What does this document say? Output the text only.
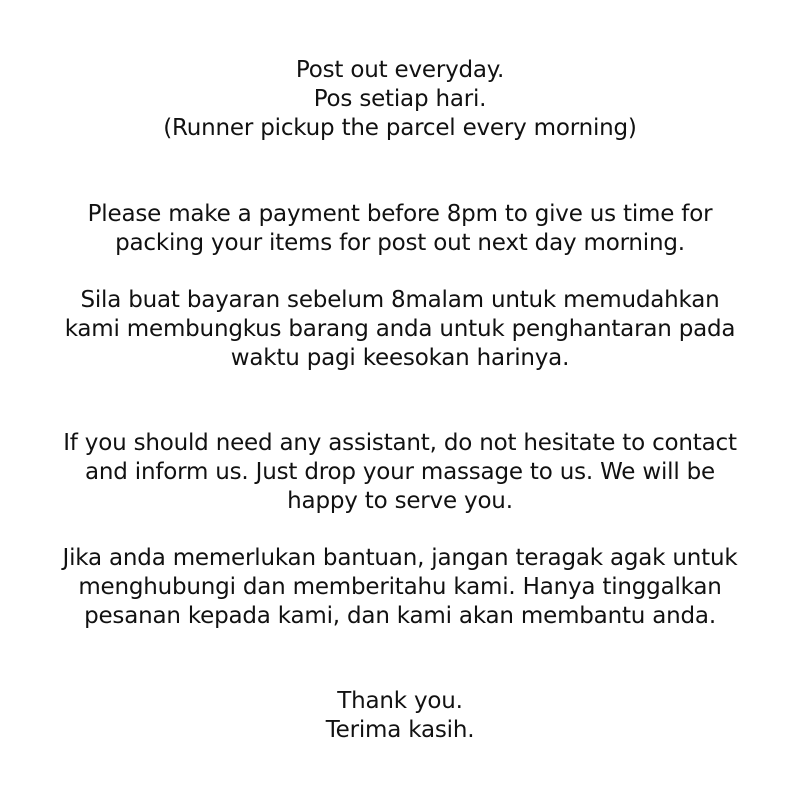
Post out everyday.
Pos setiap hari.
(Runner pickup the parcel every morning)
Please make a payment before 8pm to give us time for
packing your items for post out next day morning.
Sila buat bayaran sebelum 8malam untuk memudahkan
kami membungkus barang anda untuk penghantaran pada
waktu pagi keesokan harinya.
If you should need any assistant, do not hesitate to contact
and inform us. Just drop your massage to us. We will be
happy to serve you.
Jika anda memerlukan bantuan, jangan teragak agak untuk
menghubungi dan memberitahu kami. Hanya tinggalkan
pesanan kepada kami, dan kami akan membantu anda.
Thank you.
Terima kasih.
